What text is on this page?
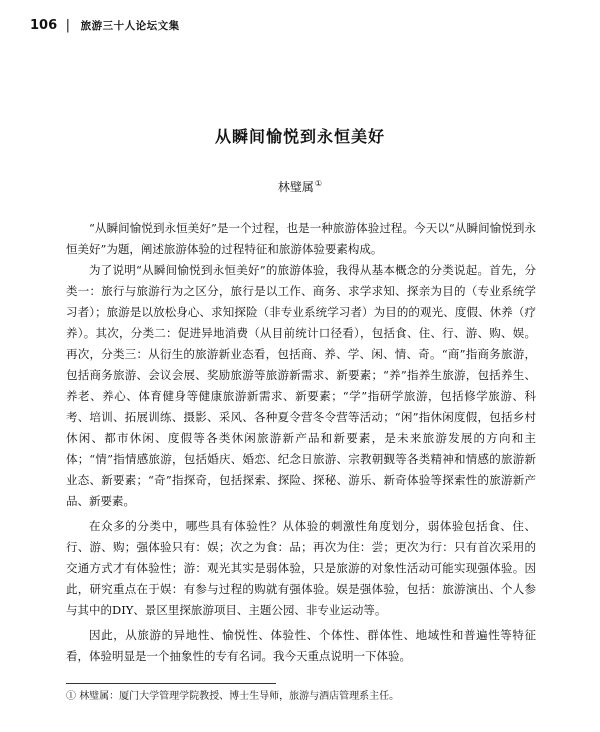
106 | 旅游三十人论坛文集
从瞬间愉悦到永恒美好
林璧属①

“从瞬间愉悦到永恒美好”是一个过程，也是一种旅游体验过程。今天以“从瞬间愉悦到永恒美好”为题，阐述旅游体验的过程特征和旅游体验要素构成。

为了说明“从瞬间愉悦到永恒美好”的旅游体验，我得从基本概念的分类说起。首先，分类一：旅行与旅游行为之区分，旅行是以工作、商务、求学求知、探亲为目的（专业系统学习者）；旅游是以放松身心、求知探险（非专业系统学习者）为目的的观光、度假、休养（疗养）。其次，分类二：促进异地消费（从目前统计口径看），包括食、住、行、游、购、娱。再次，分类三：从衍生的旅游新业态看，包括商、养、学、闲、情、奇。“商”指商务旅游，包括商务旅游、会议会展、奖励旅游等旅游新需求、新要素；“养”指养生旅游，包括养生、养老、养心、体育健身等健康旅游新需求、新要素；“学”指研学旅游，包括修学旅游、科考、培训、拓展训练、摄影、采风、各种夏令营冬令营等活动；“闲”指休闲度假，包括乡村休闲、都市休闲、度假等各类休闲旅游新产品和新要素，是未来旅游发展的方向和主体；“情”指情感旅游，包括婚庆、婚恋、纪念日旅游、宗教朝觐等各类精神和情感的旅游新业态、新要素；“奇”指探奇，包括探索、探险、探秘、游乐、新奇体验等探索性的旅游新产品、新要素。

在众多的分类中，哪些具有体验性？从体验的刺激性角度划分，弱体验包括食、住、行、游、购；强体验只有：娱；次之为食：品；再次为住：尝；更次为行：只有首次采用的交通方式才有体验性；游：观光其实是弱体验，只是旅游的对象性活动可能实现强体验。因此，研究重点在于娱：有参与过程的购就有强体验。娱是强体验，包括：旅游演出、个人参与其中的DIY、景区里探旅游项目、主题公园、非专业运动等。

因此，从旅游的异地性、愉悦性、体验性、个体性、群体性、地域性和普遍性等特征看，体验明显是一个抽象性的专有名词。我今天重点说明一下体验。

① 林璧属：厦门大学管理学院教授、博士生导师，旅游与酒店管理系主任。
